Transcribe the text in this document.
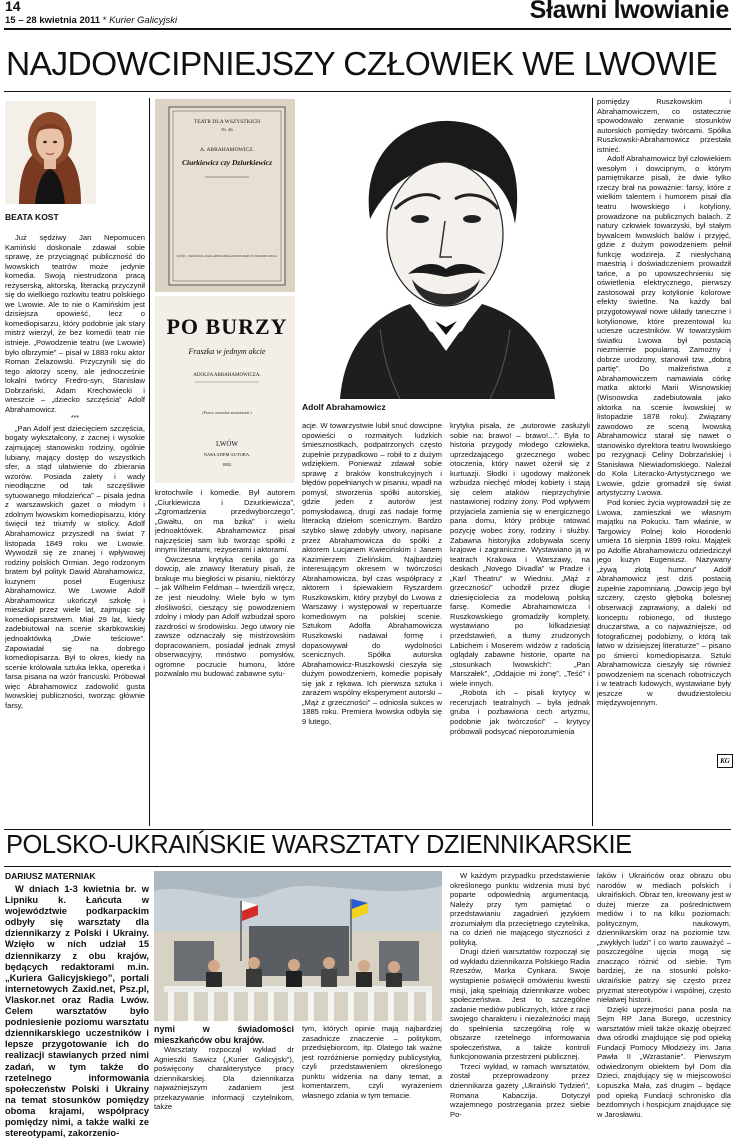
14
15 – 28 kwietnia 2011 * Kurier Galicyjski	Sławni lwowianie
NAJDOWCIPNIEJSZY CZŁOWIEK WE LWOWIE
BEATA KOST

Już sędziwy Jan Nepomucen Kamiński doskonale zdawał sobie sprawę, że przyciągnąć publiczność do lwowskich teatrów może jedynie komedia. Swoją niestrudzona pracą reżyserską, aktorską, literacką przyczynił się do wielkiego rozkwitu teatru polskiego we Lwowie. Ale to nie o Kamińskim jest dzisiejsza opowieść, lecz o komediopisarzu, który podobnie jak stary mistrz wierzył, że bez komedii teatr nie istnieje. „Powodzenie teatru (we Lwowie) było olbrzymie” – pisał w 1883 roku aktor Roman Żelazowski. Przyczynili się do tego aktorzy sceny, ale jednocześnie lokalni twórcy Fredro-syn, Stanisław Dobrzański, Adam Krechowiecki i wreszcie – „dziecko szczęścia” Adolf Abrahamowicz.

***

„Pan Adolf jest dziecięciem szczęścia, bogaty wykształcony, z zacnej i wysokie zajmującej stanowisko rodziny, ogólnie lubiany, mający dostęp do wszystkich sfer, a stąd ułatwienie do zbierania wzorów. Posiada zalety i wady nieodłączne od tak szczęśliwie sytuowanego młodzieńca” – pisała jedna z warszawskich gazet o młodym i zdolnym lwowskim komediopisarzu, który święcił też triumfy w stolicy. Adolf Abrahamowicz przyszedł na świat 7 listopada 1849 roku we Lwowie. Wywodził się ze znanej i wpływowej rodziny polskich Ormian. Jego rodzonym bratem był polityk Dawid Abrahamowicz, kuzynem poseł Eugeniusz Abrahamowicz. We Lwowie Adolf Abrahamowicz ukończył szkołę i mieszkał przez wiele lat, zajmując się komediopisarstwem. Miał 29 lat, kiedy zadebiutował na scenie skarbkowskiej jednoaktówką „Dwie teściowe”. Zapowiadał się na dobrego komediopisarza. Był to okres, kiedy na scenie królowała sztuka lekka, operetka i farsa pisana na wzór francuski. Próbował więc Abrahamowicz zadowolić gusta lwowskiej publiczności, tworząc głównie farsy,

TEATR DLA WSZYSTKICH
Nr. 46
A. ABRAHAMOWICZ.
Ciurkiewicz czy Dziurkiewicz
LWÓW – WARSZAWA. NAKŁADEM KSIĘGARNI POLSKIEJ B. POŁONIECKIEGO.
PO BURZY
Fraszka w jednym akcie
ADOLFA ABRAHAMOWICZA.
(Prawo autorskie zastrzeżone.)
LWÓW
NAKŁADEM AUTORA.
1882.
Adolf Abrahamowicz

krotochwile i komedie. Był autorem „Ciurkiewicza i Dziurkiewicza”, „Zgromadzenia przedwyborczego”, „Gwałtu, on ma bzika” i wielu jednoaktówek. Abrahamowicz pisał najczęściej sam lub tworząc spółki z innymi literatami, reżyserami i aktorami.

Ówczesna krytyka ceniła go za dowcip, ale znawcy literatury pisali, że brakuje mu biegłości w pisaniu, niektórzy – jak Wilhelm Feldman – twierdzili wręcz, że jest nieudolny. Wiele było w tym złośliwości, cieszący się powodzeniem zdolny i młody pan Adolf wzbudzał sporo zazdrości w środowisku. Jego utwory nie zawsze odznaczały się mistrzowskim dopracowaniem, posiadał jednak zmysł obserwacyjny, mnóstwo pomysłów, ogromne poczucie humoru, które pozwalało mu budować zabawne sytu-

acje. W towarzystwie lubił snuć dowcipne opowieści o rozmaitych ludzkich śmiesznostkach, podpatrzonych często zupełnie przypadkowo – robił to z dużym wdziękiem. Ponieważ zdawał sobie sprawę z braków konstrukcyjnych i błędów popełnianych w pisaniu, wpadł na pomysł, stworzenia spółki autorskiej, gdzie jeden z autorów jest pomysłodawcą, drugi zaś nadaje formę literacką dziełom scenicznym. Bardzo szybko sławę zdobyły utwory, napisane przez Abrahamowicza do spółki z aktorem Lucjanem Kwiecińskim i Janem Kazimierzem Zielińskim. Najbardziej interesującym okresem w twórczości Abrahamowicza, był czas współpracy z aktorem i śpiewakiem Ryszardem Ruszkowskim, który przybył do Lwowa z Warszawy i występował w repertuarze komediowym na polskiej scenie. Sztukom Adolfa Abrahamowicza Ruszkowski nadawał formę i dopasowywał do wydolności scenicznych. Spółka autorska Abrahamowicz-Ruszkowski cieszyła się dużym powodzeniem, komedie popisały się jak z rękawa. Ich pierwsza sztuka i zarazem wspólny eksperyment autorski – „Mąż z grzeczności” – odniosła sukces w 1885 roku. Premiera lwowska odbyła się 9 lutego,

krytyka pisała, że „autorowie zasłużyli sobie na: brawo! – brawo!...”. Była to historia przygody młodego człowieka, uprzedzającego grzecznego wobec otoczenia, który nawet ożenił się z kurtuazji. Słodki i ugodowy małżonek wzbudza niechęć młodej kobiety i stają się celem ataków nieprzychylnie nastawionej rodziny żony. Pod wpływem przyjaciela zamienia się w energicznego pana domu, który próbuje ratować pozycję wobec żony, rodziny i służby. Zabawna historyjka zdobywała sceny krajowe i zagraniczne. Wystawiano ją w teatrach Krakowa i Warszawy, na deskach „Novego Divadla” w Pradze i „Karl Theatru” w Wiedniu. „Mąż z grzeczności” uchodził przez długie dziesięciolecia za modelową polską farsę. Komedie Abrahamowicza i Ruszkowskiego gromadziły komplety, wystawiano po kilkadziesiąt przedstawień, a tłumy zrudzonych Labichem i Moserem widzów z radością oglądały zabawne historie, oparte na „stosunkach lwowskich”: „Pan Marszałek”, „Oddajcie mi żonę”, „Teść” i wiele innych.

„Robota ich – pisali krytycy w recenzjach teatralnych – była jednak gruba i pozbawiona cech artyzmu, podobnie jak twórczości” – krytycy próbowali podsycać nieporozumienia

pomiędzy Ruszkowskim i Abrahamowiczem, co ostatecznie spowodowało zerwanie stosunków autorskich pomiędzy twórcami. Spółka Ruszkowski-Abrahamowicz przestała istnieć.

Adolf Abrahamowicz był człowiekiem wesołym i dowcipnym, o którym pamiętnikarze pisali, że dwie tylko rzeczy brał na poważnie: farsy, które z wielkim talentem i humorem pisał dla teatru lwowskiego i kotyliony, prowadzone na publicznych balach. Z natury człowiek towarzyski, był stałym bywalcem lwowskich balów i przyjęć, gdzie z dużym powodzeniem pełnił funkcję wodzireja. Z niesłychaną maestrią i doświadczeniem prowadził tańce, a po upowszechnieniu się oświetlenia elektrycznego, pierwszy zastosował przy kotylionie kolorowe efekty świetlne. Na każdy bal przygotowywał nowe układy taneczne i kotylionowe, które prezentował ku uciesze uczestników. W towarzyskim światku Lwowa był postacią niezmiernie popularną. Zamożny i dobrze urodzony, stanowił tzw. „dobrą partię”. Do małżeństwa z Abrahamowiczem namawiała córkę matka aktorki Marii Wisnowskiej (Wisnowska zadebiutowała jako aktorka na scenie lwowskiej w listopadzie 1878 roku). Związany zawodowo ze sceną lwowską Abrahamowicz starał się nawet o stanowisko dyrektora teatru lwowskiego po rezygnacji Celiny Dobrzańskiej i Stanisława Niewiadomskiego. Należał do Koła Literacko-Artystycznego we Lwowie, gdzie gromadził się świat artystyczny Lwowa.

Pod koniec życia wyprowadził się ze Lwowa, zamieszkał we własnym majątku na Pokuciu. Tam właśnie, w Targowicy Polnej koło Horodenki umiera 16 sierpnia 1899 roku. Majątek po Adolfie Abrahamowiczu odziedziczył jego kuzyn Eugeniusz. Nazywany „żywą złotą humoru” Adolf Abrahamowicz jest dziś postacią zupełnie zapomnianą. „Dowcip jego był szczery, często głęboką bolesnej obserwacji zaprawiony, a daleki od konceptu robionego, od tłustego druczarstwa, a co najważniejsze, od fotograficznej podobizny, o którą tak łatwo w dzisiejszej literaturze” – pisano po śmierci komediopisarza. Sztuki Abrahamowicza cieszyły się również powodzeniem na scenach robotniczych i w teatrach ludowych, wystawiane były jeszcze w dwudziestoleciu międzywojennym.

KG
POLSKO-UKRAIŃSKIE WARSZTATY DZIENNIKARSKIE
DARIUSZ MATERNIAK

W dniach 1-3 kwietnia br. w Lipniku k. Łańcuta w województwie podkarpackim odbyły się warsztaty dla dziennikarzy z Polski i Ukrainy. Wzięło w nich udział 15 dziennikarzy z obu krajów, będących redaktorami m.in. „Kuriera Galicyjskiego”, portali internetowych Zaxid.net, Psz.pl, Vlaskor.net oraz Radia Lwów. Celem warsztatów było podniesienie poziomu warsztatu dziennikarskiego uczestników i lepsze przygotowanie ich do realizacji stawianych przed nimi zadań, w tym także do rzetelnego informowania społeczeństw Polski i Ukrainy na temat stosunków pomiędzy oboma krajami, współpracy pomiędzy nimi, a także walki ze stereotypami, zakorzenio-

nymi w świadomości mieszkańców obu krajów.

Warsztaty rozpoczął wykład dr Agnieszki Sawicz („Kurier Galicyjski”), poświęcony charakterystyce pracy dziennikarskiej. Dla dziennikarza najważniejszym zadaniem jest przekazywanie informacji czytelnikom, także

tym, których opinie mają najbardziej zasadnicze znaczenie – politykom, przedsiębiorcom, itp. Dlatego tak ważne jest rozróżnienie pomiędzy publicystyką, czyli przedstawieniem określonego punktu widzenia na dany temat, a komentarzem, czyli wyrażeniem własnego zdania w tym temacie.

W każdym przypadku przedstawienie określonego punktu widzenia musi być poparte odpowiednią argumentacją. Należy przy tym pamiętać o przedstawianiu zagadnień językiem zrozumiałym dla przeciętnego czytelnika, na co dzień nie mającego styczności z polityką.

Drugi dzień warsztatów rozpoczął się od wykładu dziennikarza Polskiego Radia Rzeszów, Marka Cynkara. Swoje wystąpienie poświęcił omówieniu kwestii misji, jaką spełniają dziennikarze wobec społeczeństwa. Jest to szczególne zadanie mediów publicznych, które z racji swojego charakteru i niezależności mają do spełnienia szczególną rolę w obszarze rzetelnego informowania społeczeństwa, a także kontroli funkcjonowania przestrzeni publicznej.

Trzeci wykład, w ramach warsztatów, został przeprowadzony przez dziennikarza gazety „Ukraiński Tydzień”, Romana Kabaczija. Dotyczył wzajemnego postrzegania przez siebie Po-

laków i Ukraińców oraz obrazu obu narodów w mediach polskich i ukraińskich. Obraz ten, kreowany jest w dużej mierze za pośrednictwem mediów i to na kilku poziomach: politycznym, naukowym, dziennikarskim oraz na poziomie tzw. „zwykłych ludzi” i co warto zauważyć – poszczególne ujęcia mogą się znacząco różnić od siebie. Tym bardziej, że na stosunki polsko-ukraińskie patrzy się często przez pryzmat stereotypów i wspólnej, często niełatwej historii.

Dzięki uprzejmości pana posła na Sejm RP Jana Burego, uczestnicy warsztatów mieli także okazję obejrzeć dwa ośrodki znajdujące się pod opieką Fundacji Pomocy Młodzieży im. Jana Pawła II „Wzrastanie”. Pierwszym odwiedzonym obiektem był Dom dla Dzieci, znajdujący się w miejscowości Łopuszka Mała, zaś drugim – będące pod opieką Fundacji schronisko dla bezdomnych i hospicjum znajdujące się w Jarosławiu.
